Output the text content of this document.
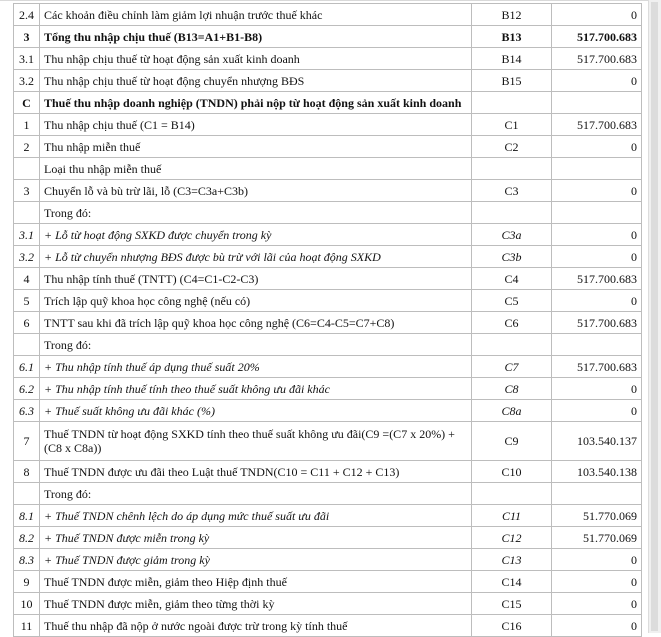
2.4	Các khoản điều chỉnh làm giảm lợi nhuận trước thuế khác	B12	0
3	Tổng thu nhập chịu thuế (B13=A1+B1-B8)	B13	517.700.683
3.1	Thu nhập chịu thuế từ hoạt động sản xuất kinh doanh	B14	517.700.683
3.2	Thu nhập chịu thuế từ hoạt động chuyển nhượng BĐS	B15	0
C	Thuế thu nhập doanh nghiệp (TNDN) phải nộp từ hoạt động sản xuất kinh doanh		
1	Thu nhập chịu thuế (C1 = B14)	C1	517.700.683
2	Thu nhập miễn thuế	C2	0
	Loại thu nhập miễn thuế		
3	Chuyển lỗ và bù trừ lãi, lỗ (C3=C3a+C3b)	C3	0
	Trong đó:		
3.1	+ Lỗ từ hoạt động SXKD được chuyển trong kỳ	C3a	0
3.2	+ Lỗ từ chuyển nhượng BĐS được bù trừ với lãi của hoạt động SXKD	C3b	0
4	Thu nhập tính thuế (TNTT) (C4=C1-C2-C3)	C4	517.700.683
5	Trích lập quỹ khoa học công nghệ (nếu có)	C5	0
6	TNTT sau khi đã trích lập quỹ khoa học công nghệ (C6=C4-C5=C7+C8)	C6	517.700.683
	Trong đó:		
6.1	+ Thu nhập tính thuế áp dụng thuế suất 20%	C7	517.700.683
6.2	+ Thu nhập tính thuế tính theo thuế suất không ưu đãi khác	C8	0
6.3	+ Thuế suất không ưu đãi khác (%)	C8a	0
7	Thuế TNDN từ hoạt động SXKD tính theo thuế suất không ưu đãi(C9 =(C7 x 20%) + (C8 x C8a))	C9	103.540.137
8	Thuế TNDN được ưu đãi theo Luật thuế TNDN(C10 = C11 + C12 + C13)	C10	103.540.138
	Trong đó:		
8.1	+ Thuế TNDN chênh lệch do áp dụng mức thuế suất ưu đãi	C11	51.770.069
8.2	+ Thuế TNDN được miễn trong kỳ	C12	51.770.069
8.3	+ Thuế TNDN được giảm trong kỳ	C13	0
9	Thuế TNDN được miễn, giảm theo Hiệp định thuế	C14	0
10	Thuế TNDN được miễn, giảm theo từng thời kỳ	C15	0
11	Thuế thu nhập đã nộp ở nước ngoài được trừ trong kỳ tính thuế	C16	0
